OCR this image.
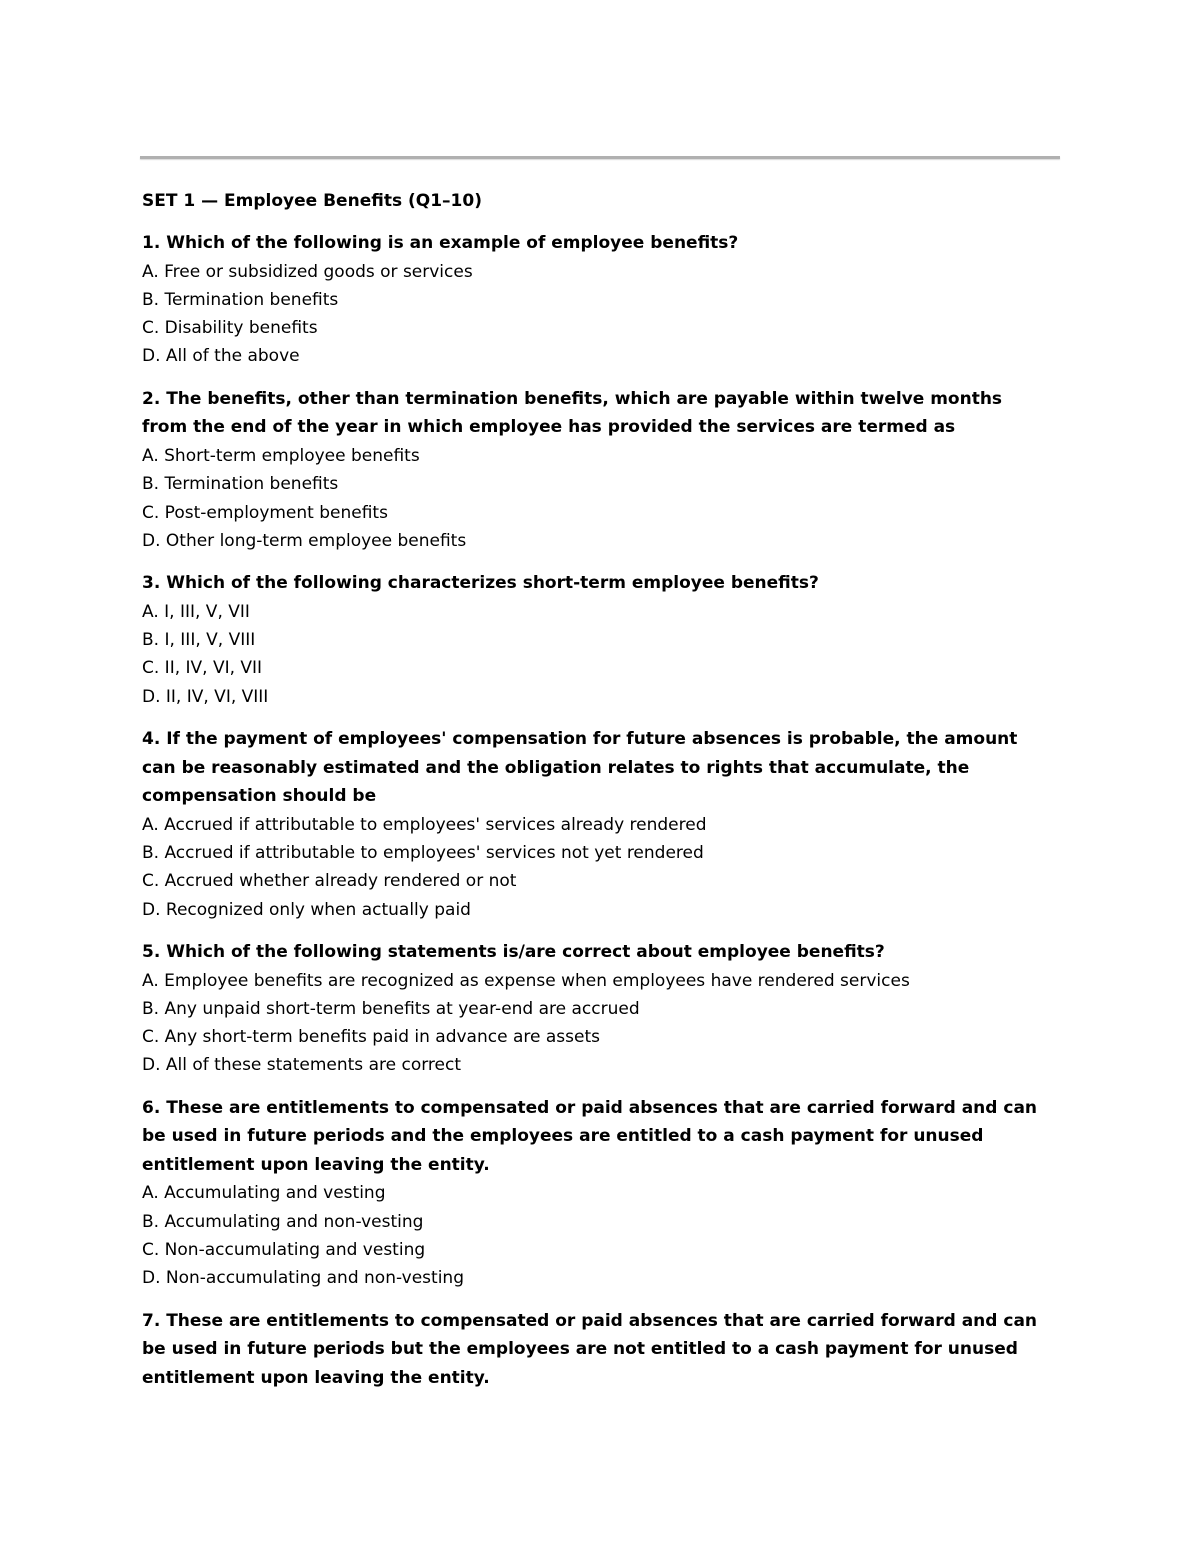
SET 1 — Employee Benefits (Q1–10)

1. Which of the following is an example of employee benefits?

A. Free or subsidized goods or services

B. Termination benefits

C. Disability benefits

D. All of the above

2. The benefits, other than termination benefits, which are payable within twelve months from the end of the year in which employee has provided the services are termed as

A. Short-term employee benefits

B. Termination benefits

C. Post-employment benefits

D. Other long-term employee benefits

3. Which of the following characterizes short-term employee benefits?

A. I, III, V, VII

B. I, III, V, VIII

C. II, IV, VI, VII

D. II, IV, VI, VIII

4. If the payment of employees' compensation for future absences is probable, the amount can be reasonably estimated and the obligation relates to rights that accumulate, the compensation should be

A. Accrued if attributable to employees' services already rendered

B. Accrued if attributable to employees' services not yet rendered

C. Accrued whether already rendered or not

D. Recognized only when actually paid

5. Which of the following statements is/are correct about employee benefits?

A. Employee benefits are recognized as expense when employees have rendered services

B. Any unpaid short-term benefits at year-end are accrued

C. Any short-term benefits paid in advance are assets

D. All of these statements are correct

6. These are entitlements to compensated or paid absences that are carried forward and can be used in future periods and the employees are entitled to a cash payment for unused entitlement upon leaving the entity.

A. Accumulating and vesting

B. Accumulating and non-vesting

C. Non-accumulating and vesting

D. Non-accumulating and non-vesting

7. These are entitlements to compensated or paid absences that are carried forward and can be used in future periods but the employees are not entitled to a cash payment for unused entitlement upon leaving the entity.
